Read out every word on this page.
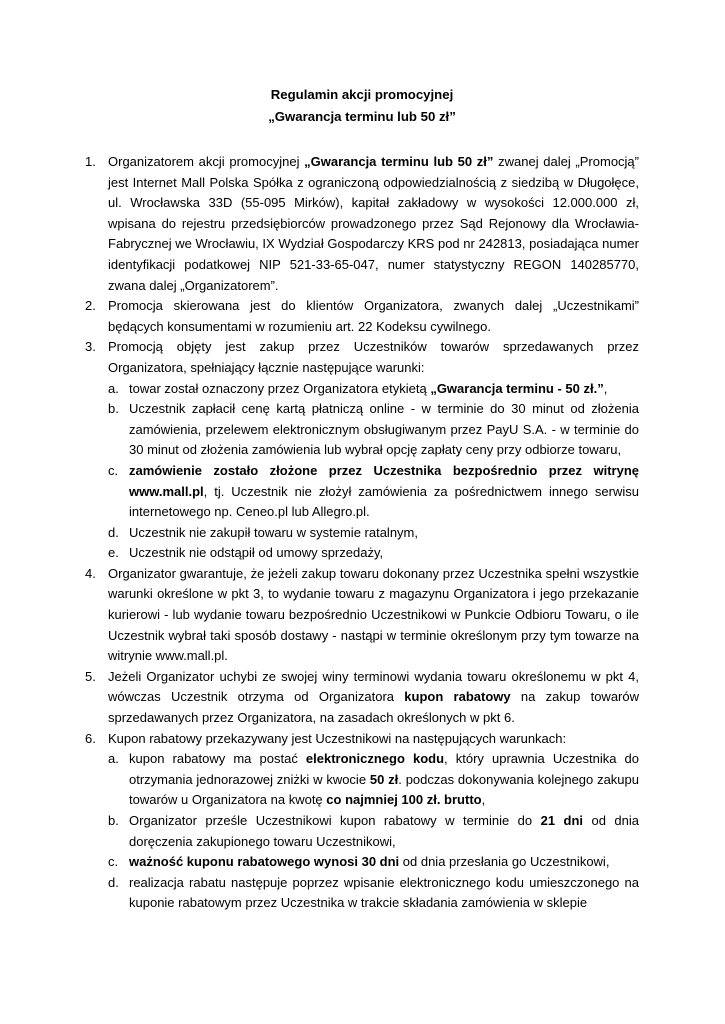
Regulamin akcji promocyjnej
„Gwarancja terminu lub 50 zł”
1. Organizatorem akcji promocyjnej „Gwarancja terminu lub 50 zł” zwanej dalej „Promocją” jest Internet Mall Polska Spółka z ograniczoną odpowiedzialnością z siedzibą w Długołęce, ul. Wrocławska 33D (55-095 Mirków), kapitał zakładowy w wysokości 12.000.000 zł, wpisana do rejestru przedsiębiorców prowadzonego przez Sąd Rejonowy dla Wrocławia-Fabrycznej we Wrocławiu, IX Wydział Gospodarczy KRS pod nr 242813, posiadająca numer identyfikacji podatkowej NIP 521-33-65-047, numer statystyczny REGON 140285770, zwana dalej „Organizatorem”.
2. Promocja skierowana jest do klientów Organizatora, zwanych dalej „Uczestnikami” będących konsumentami w rozumieniu art. 22 Kodeksu cywilnego.
3. Promocją objęty jest zakup przez Uczestników towarów sprzedawanych przez Organizatora, spełniający łącznie następujące warunki:
a. towar został oznaczony przez Organizatora etykietą „Gwarancja terminu - 50 zł.”,
b. Uczestnik zapłacił cenę kartą płatniczą online - w terminie do 30 minut od złożenia zamówienia, przelewem elektronicznym obsługiwanym przez PayU S.A. - w terminie do 30 minut od złożenia zamówienia lub wybrał opcję zapłaty ceny przy odbiorze towaru,
c. zamówienie zostało złożone przez Uczestnika bezpośrednio przez witrynę www.mall.pl, tj. Uczestnik nie złożył zamówienia za pośrednictwem innego serwisu internetowego np. Ceneo.pl lub Allegro.pl.
d. Uczestnik nie zakupił towaru w systemie ratalnym,
e. Uczestnik nie odstąpił od umowy sprzedaży,
4. Organizator gwarantuje, że jeżeli zakup towaru dokonany przez Uczestnika spełni wszystkie warunki określone w pkt 3, to wydanie towaru z magazynu Organizatora i jego przekazanie kurierowi - lub wydanie towaru bezpośrednio Uczestnikowi w Punkcie Odbioru Towaru, o ile Uczestnik wybrał taki sposób dostawy - nastąpi w terminie określonym przy tym towarze na witrynie www.mall.pl.
5. Jeżeli Organizator uchybi ze swojej winy terminowi wydania towaru określonemu w pkt 4, wówczas Uczestnik otrzyma od Organizatora kupon rabatowy na zakup towarów sprzedawanych przez Organizatora, na zasadach określonych w pkt 6.
6. Kupon rabatowy przekazywany jest Uczestnikowi na następujących warunkach:
a. kupon rabatowy ma postać elektronicznego kodu, który uprawnia Uczestnika do otrzymania jednorazowej zniżki w kwocie 50 zł. podczas dokonywania kolejnego zakupu towarów u Organizatora na kwotę co najmniej 100 zł. brutto,
b. Organizator prześle Uczestnikowi kupon rabatowy w terminie do 21 dni od dnia doręczenia zakupionego towaru Uczestnikowi,
c. ważność kuponu rabatowego wynosi 30 dni od dnia przesłania go Uczestnikowi,
d. realizacja rabatu następuje poprzez wpisanie elektronicznego kodu umieszczonego na kuponie rabatowym przez Uczestnika w trakcie składania zamówienia w sklepie
